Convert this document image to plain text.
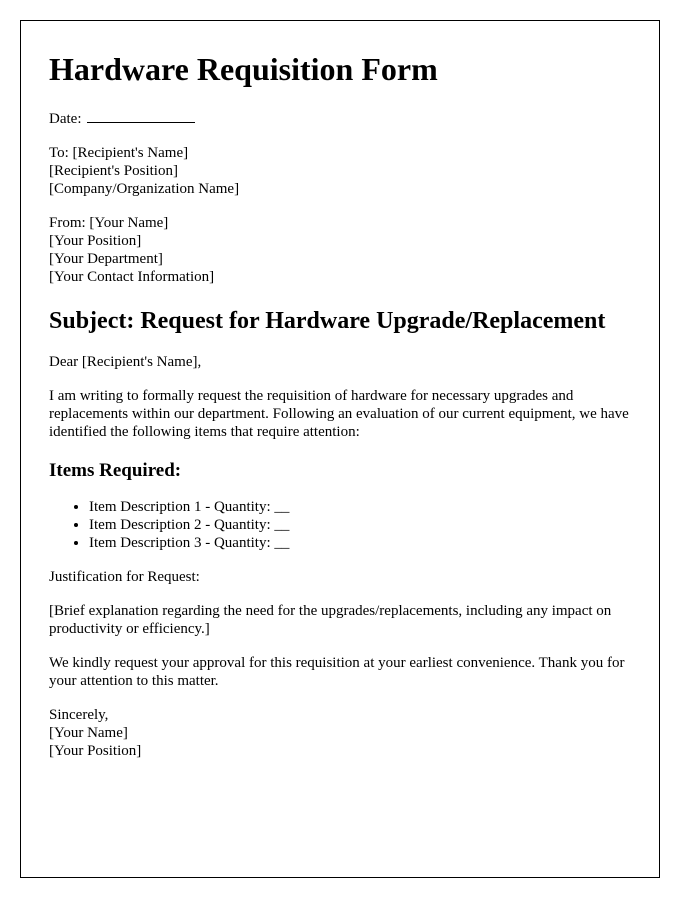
Hardware Requisition Form
Date:
To: [Recipient's Name]
[Recipient's Position]
[Company/Organization Name]
From: [Your Name]
[Your Position]
[Your Department]
[Your Contact Information]
Subject: Request for Hardware Upgrade/Replacement
Dear [Recipient's Name],
I am writing to formally request the requisition of hardware for necessary upgrades and replacements within our department. Following an evaluation of our current equipment, we have identified the following items that require attention:
Items Required:
• Item Description 1 - Quantity: __
• Item Description 2 - Quantity: __
• Item Description 3 - Quantity: __
Justification for Request:
[Brief explanation regarding the need for the upgrades/replacements, including any impact on productivity or efficiency.]
We kindly request your approval for this requisition at your earliest convenience. Thank you for your attention to this matter.
Sincerely,
[Your Name]
[Your Position]
